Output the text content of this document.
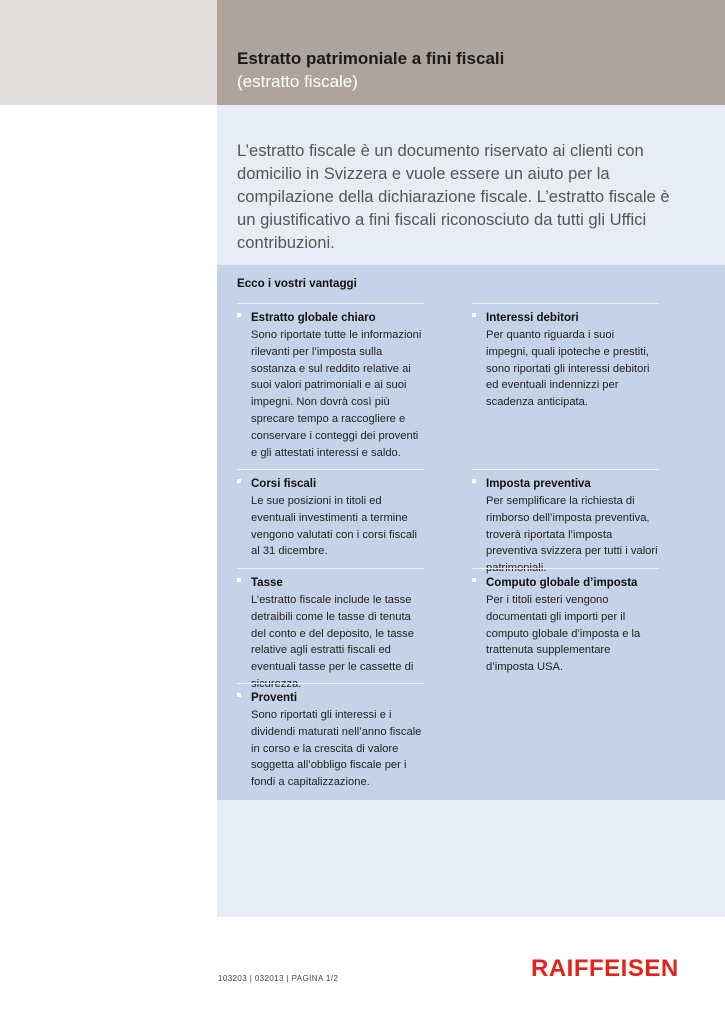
Estratto patrimoniale a fini fiscali
(estratto fiscale)
L’estratto fiscale è un documento riservato ai clienti con domicilio in Svizzera e vuole essere un aiuto per la compilazione della dichiarazione fiscale. L’estratto fiscale è un giustificativo a fini fiscali riconosciuto da tutti gli Uffici contribuzioni.
Ecco i vostri vantaggi
Estratto globale chiaro
Sono riportate tutte le informazioni rilevanti per l’imposta sulla sostanza e sul reddito relative ai suoi valori patrimoniali e ai suoi impegni. Non dovrà così più sprecare tempo a raccogliere e conservare i conteggi dei proventi e gli attestati interessi e saldo.
Interessi debitori
Per quanto riguarda i suoi impegni, quali ipoteche e prestiti, sono riportati gli interessi debitori ed eventuali indennizzi per scadenza anticipata.
Corsi fiscali
Le sue posizioni in titoli ed eventuali investimenti a termine vengono valutati con i corsi fiscali al 31 dicembre.
Imposta preventiva
Per semplificare la richiesta di rimborso dell’imposta preventiva, troverà riportata l’imposta preventiva svizzera per tutti i valori patrimoniali.
Tasse
L’estratto fiscale include le tasse detraibili come le tasse di tenuta del conto e del deposito, le tasse relative agli estratti fiscali ed eventuali tasse per le cassette di sicurezza.
Computo globale d’imposta
Per i titoli esteri vengono documentati gli importi per il computo globale d’imposta e la trattenuta supplementare d’imposta USA.
Proventi
Sono riportati gli interessi e i dividendi maturati nell’anno fiscale in corso e la crescita di valore soggetta all’obbligo fiscale per i fondi a capitalizzazione.
103203 | 032013 | PAGINA 1/2	RAIFFEISEN
